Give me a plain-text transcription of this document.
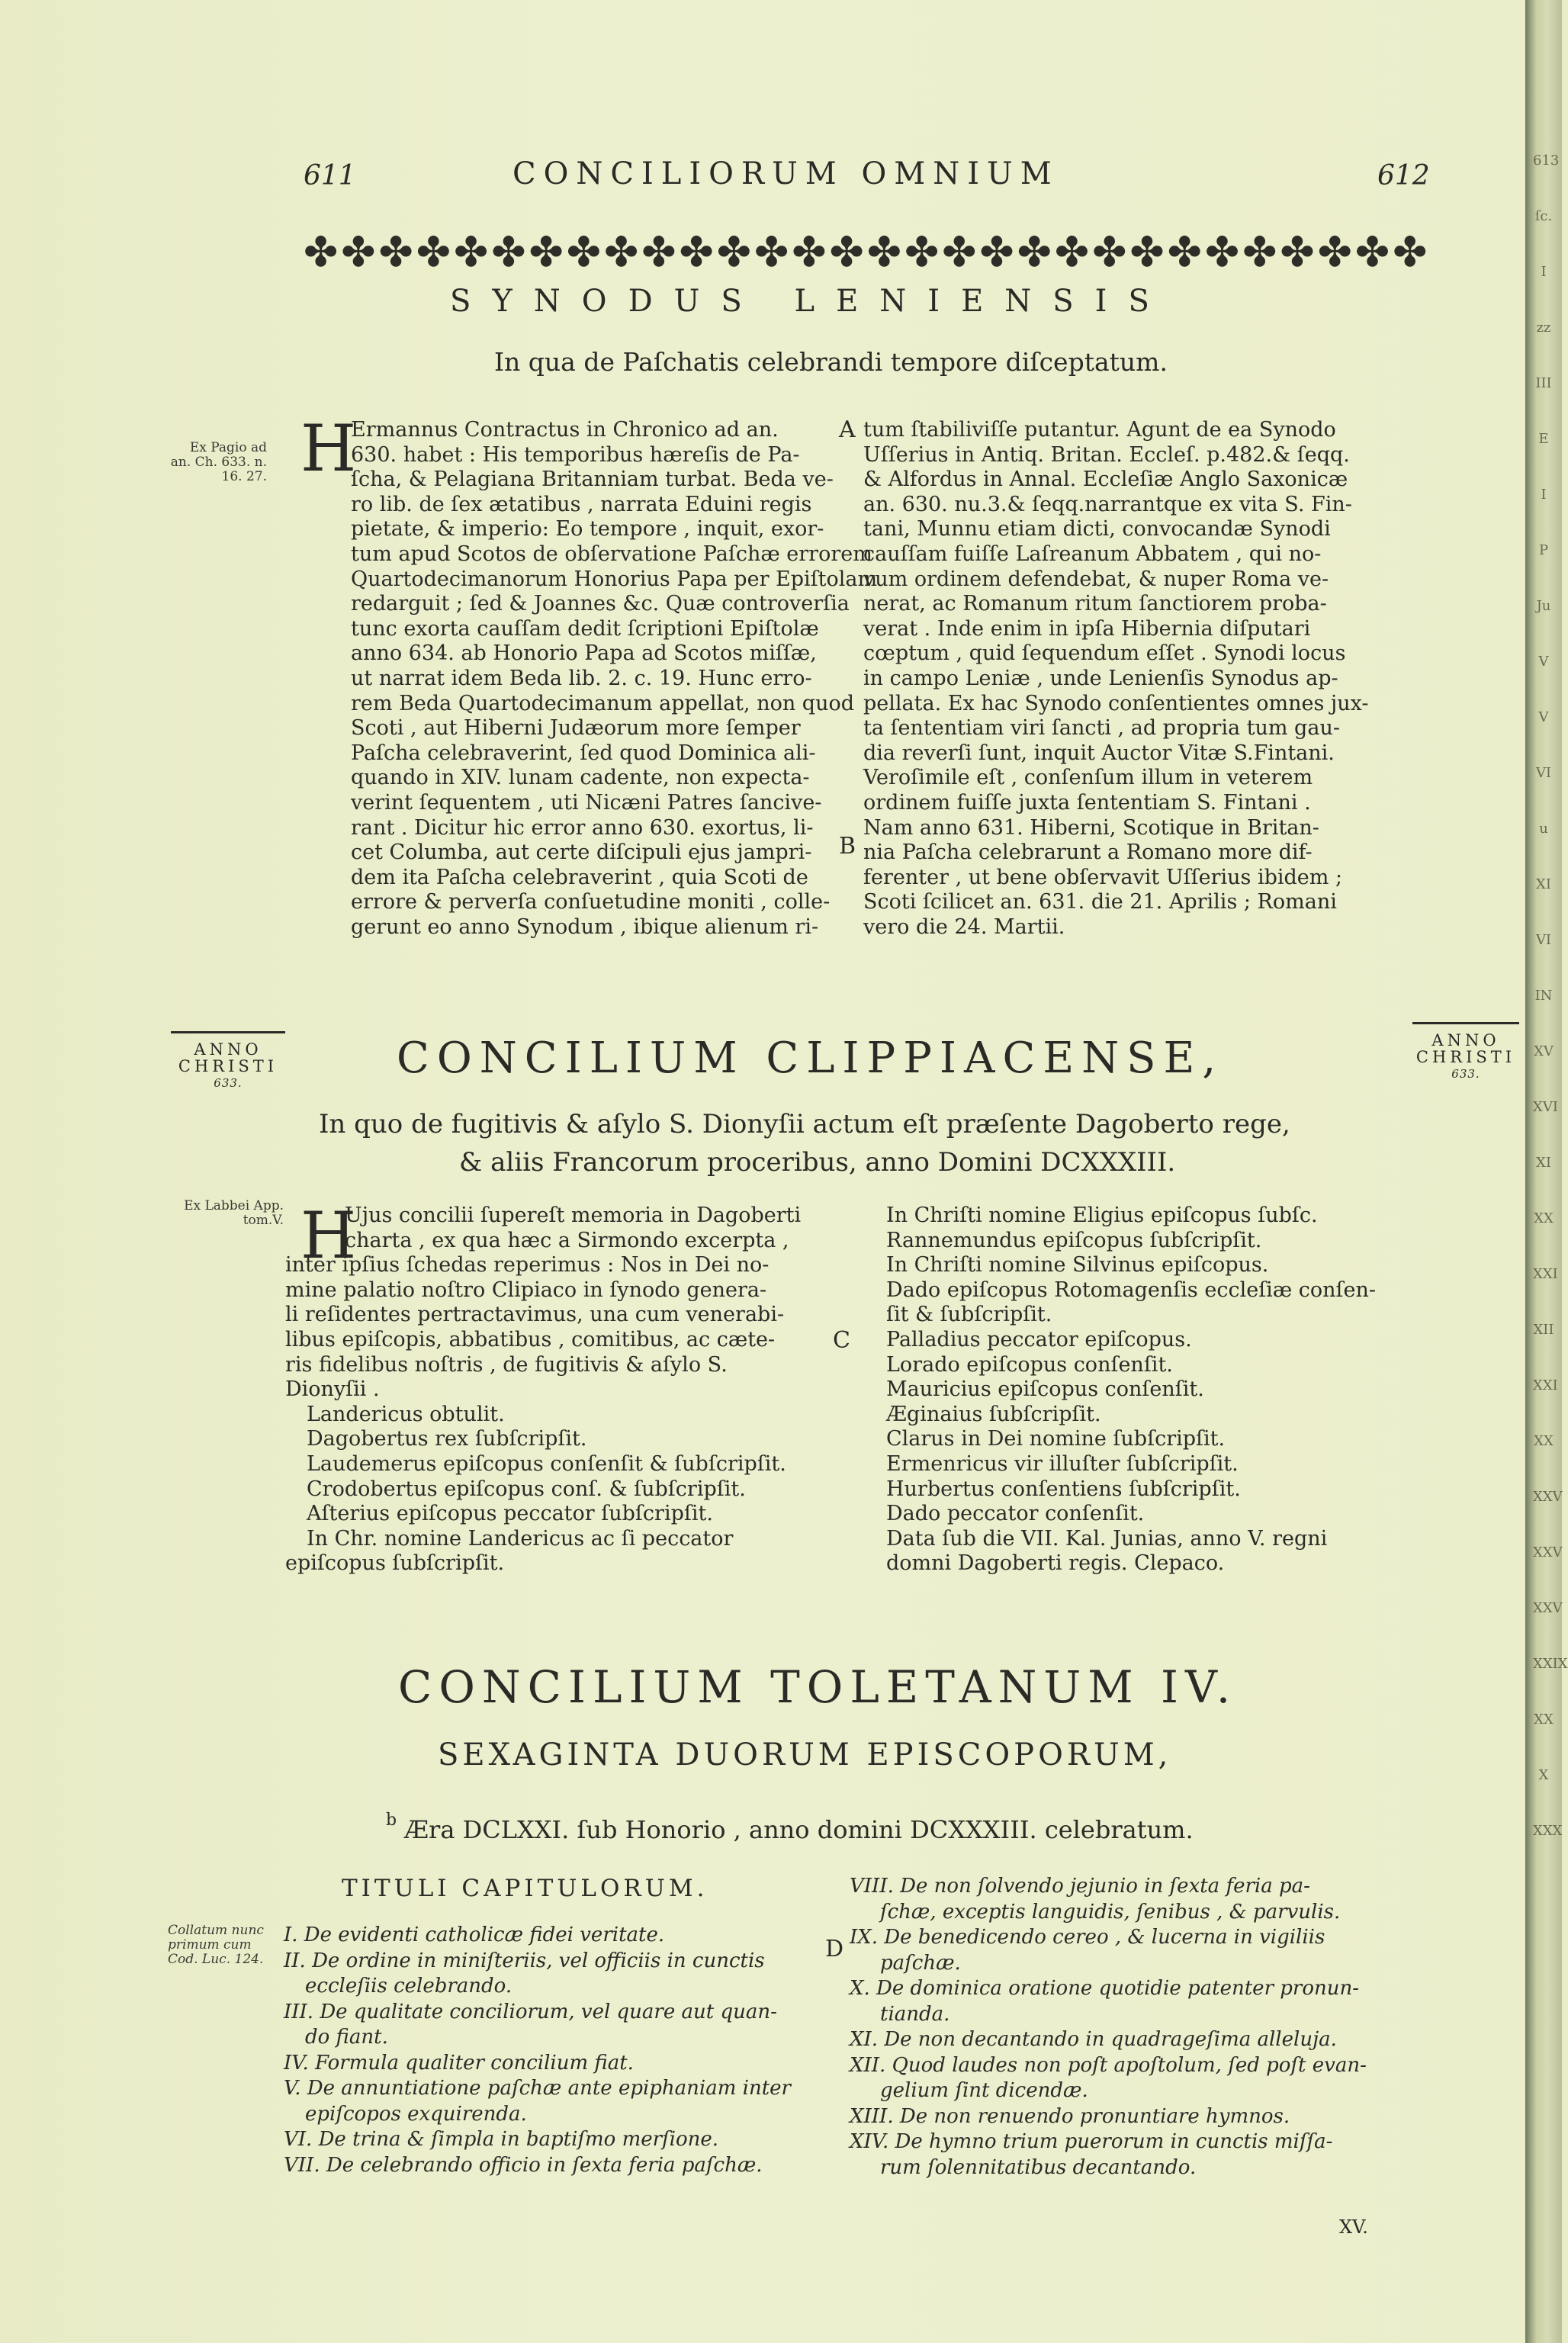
611	CONCILIORUM OMNIUM	612
✤✤✤✤✤✤✤✤✤✤✤✤✤✤✤✤✤✤✤✤✤✤✤✤✤✤✤✤✤✤
SYNODUS LENIENSIS
In qua de Paſchatis celebrandi tempore diſceptatum.
Ex Pagio ad an. Ch. 633. n. 16. 27. H

Ermannus Contractus in Chronico ad an.

630. habet : His temporibus hæreſis de Pa-

ſcha, & Pelagiana Britanniam turbat. Beda ve-

ro lib. de ſex ætatibus , narrata Eduini regis

pietate, & imperio: Eo tempore , inquit, exor-

tum apud Scotos de obſervatione Paſchæ errorem

Quartodecimanorum Honorius Papa per Epiſtolam

redarguit ; ſed & Joannes &c. Quæ controverſia

tunc exorta cauſſam dedit ſcriptioni Epiſtolæ

anno 634. ab Honorio Papa ad Scotos miſſæ,

ut narrat idem Beda lib. 2. c. 19. Hunc erro-

rem Beda Quartodecimanum appellat, non quod

Scoti , aut Hiberni Judæorum more ſemper

Paſcha celebraverint, ſed quod Dominica ali-

quando in XIV. lunam cadente, non expecta-

verint ſequentem , uti Nicæni Patres ſancive-

rant . Dicitur hic error anno 630. exortus, li-

cet Columba, aut certe diſcipuli ejus jampri-

dem ita Paſcha celebraverint , quia Scoti de

errore & perverſa conſuetudine moniti , colle-

gerunt eo anno Synodum , ibique alienum ri-

tum ſtabiliviſſe putantur. Agunt de ea Synodo

Uſſerius in Antiq. Britan. Eccleſ. p.482.& ſeqq.

& Alfordus in Annal. Eccleſiæ Anglo Saxonicæ

an. 630. nu.3.& ſeqq.narrantque ex vita S. Fin-

tani, Munnu etiam dicti, convocandæ Synodi

cauſſam fuiſſe Laſreanum Abbatem , qui no-

vum ordinem defendebat, & nuper Roma ve-

nerat, ac Romanum ritum ſanctiorem proba-

verat . Inde enim in ipſa Hibernia diſputari

cœptum , quid ſequendum eſſet . Synodi locus

in campo Leniæ , unde Lenienſis Synodus ap-

pellata. Ex hac Synodo conſentientes omnes jux-

ta ſententiam viri ſancti , ad propria tum gau-

dia reverſi ſunt, inquit Auctor Vitæ S.Fintani.

Veroſimile eſt , conſenſum illum in veterem

ordinem fuiſſe juxta ſententiam S. Fintani .

Nam anno 631. Hiberni, Scotique in Britan-

nia Paſcha celebrarunt a Romano more dif-

ferenter , ut bene obſervavit Uſſerius ibidem ;

Scoti ſcilicet an. 631. die 21. Aprilis ; Romani

vero die 24. Martii.

A
B
ANNO
CHRISTI
633.
ANNO
CHRISTI
633.
CONCILIUM CLIPPIACENSE,
In quo de fugitivis & aſylo S. Dionyſii actum eſt præſente Dagoberto rege,
& aliis Francorum proceribus, anno Domini DCXXXIII.
Ex Labbei App. tom.V. H

Ujus concilii ſupereſt memoria in Dagoberti

charta , ex qua hæc a Sirmondo excerpta ,

inter ipſius ſchedas reperimus : Nos in Dei no-

mine palatio noſtro Clipiaco in ſynodo genera-

li reſidentes pertractavimus, una cum venerabi-

libus epiſcopis, abbatibus , comitibus, ac cæte-

ris fidelibus noſtris , de fugitivis & aſylo S.

Dionyſii .

Landericus obtulit.

Dagobertus rex ſubſcripſit.

Laudemerus epiſcopus conſenſit & ſubſcripſit.

Crodobertus epiſcopus conſ. & ſubſcripſit.

Aſterius epiſcopus peccator ſubſcripſit.

In Chr. nomine Landericus ac ſi peccator

epiſcopus ſubſcripſit.

In Chriſti nomine Eligius epiſcopus ſubſc.

Rannemundus epiſcopus ſubſcripſit.

In Chriſti nomine Silvinus epiſcopus.

Dado epiſcopus Rotomagenſis eccleſiæ conſen-

ſit & ſubſcripſit.

Palladius peccator epiſcopus.

Lorado epiſcopus conſenſit.

Mauricius epiſcopus conſenſit.

Æginaius ſubſcripſit.

Clarus in Dei nomine ſubſcripſit.

Ermenricus vir illuſter ſubſcripſit.

Hurbertus conſentiens ſubſcripſit.

Dado peccator conſenſit.

Data ſub die VII. Kal. Junias, anno V. regni

domni Dagoberti regis. Clepaco.

C
CONCILIUM TOLETANUM IV.
SEXAGINTA DUORUM EPISCOPORUM,
b Æra DCLXXI. ſub Honorio , anno domini DCXXXIII. celebratum.
TITULI CAPITULORUM.
Collatum nunc primum cum Cod. Luc. 124.	D
I. De evidenti catholicæ fidei veritate.
II. De ordine in miniſteriis, vel officiis in cunctis
eccleſiis celebrando.
III. De qualitate conciliorum, vel quare aut quan-
do fiant.
IV. Formula qualiter concilium fiat.
V. De annuntiatione paſchæ ante epiphaniam inter
epiſcopos exquirenda.
VI. De trina & ſimpla in baptiſmo merſione.
VII. De celebrando officio in ſexta feria paſchæ.
VIII. De non ſolvendo jejunio in ſexta feria pa-
ſchæ, exceptis languidis, ſenibus , & parvulis.
IX. De benedicendo cereo , & lucerna in vigiliis
paſchæ.
X. De dominica oratione quotidie patenter pronun-
tianda.
XI. De non decantando in quadrageſima alleluja.
XII. Quod laudes non poſt apoſtolum, ſed poſt evan-
gelium ſint dicendæ.
XIII. De non renuendo pronuntiare hymnos.
XIV. De hymno trium puerorum in cunctis miſſa-
rum ſolennitatibus decantando.
XV.
613
ſc.
I
zz
III
E
I
P
Ju
V
V
VI
u
XI
VI
IN
XV
XVI
XI
XX
XXI
XII
XXI
XX
XXV
XXV
XXV
XXIX
XX
X
XXX
